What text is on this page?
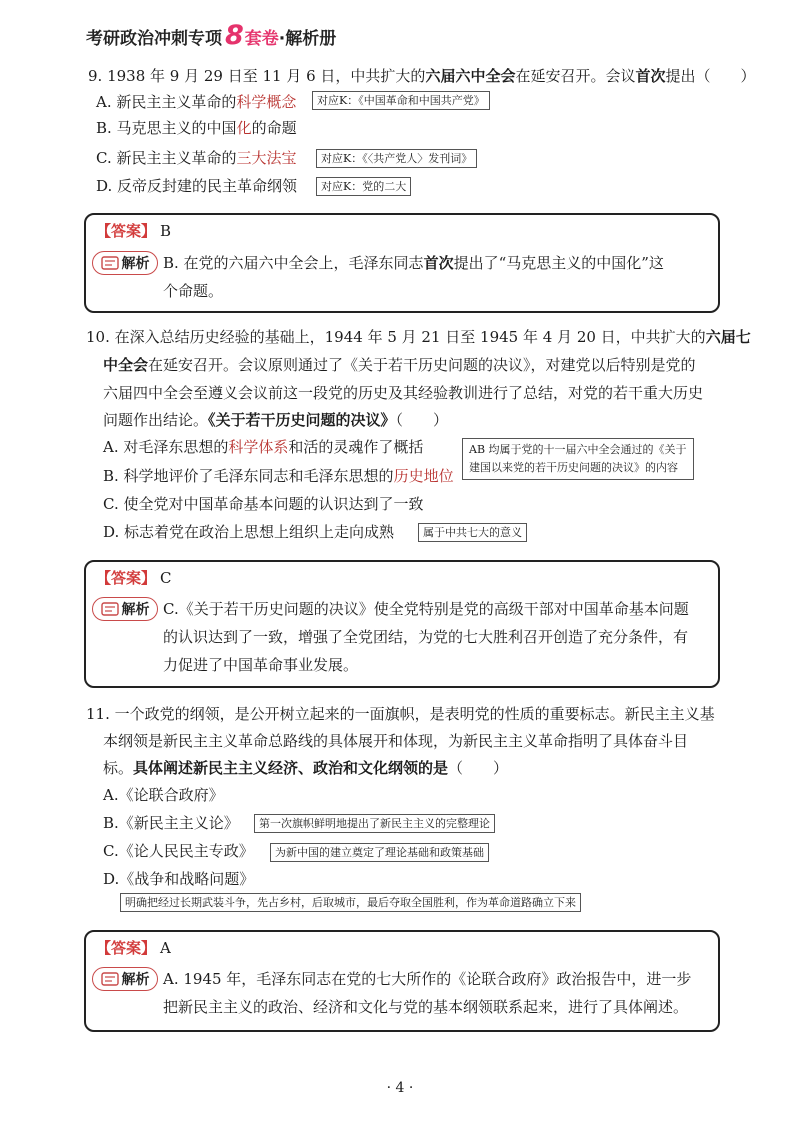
考研政治冲刺专项 8 套卷 ·解析册
9. 1938 年 9 月 29 日至 11 月 6 日，中共扩大的六届六中全会在延安召开。会议首次提出（　　）
A. 新民主主义革命的科学概念	对应K：《中国革命和中国共产党》
B. 马克思主义的中国化的命题
C. 新民主主义革命的三大法宝	对应K：《〈共产党人〉发刊词》
D. 反帝反封建的民主革命纲领	对应K：党的二大
【答案】 B
解析 B. 在党的六届六中全会上，毛泽东同志首次提出了“马克思主义的中国化”这
个命题。
10. 在深入总结历史经验的基础上，1944 年 5 月 21 日至 1945 年 4 月 20 日，中共扩大的六届七
中全会在延安召开。会议原则通过了《关于若干历史问题的决议》，对建党以后特别是党的
六届四中全会至遵义会议前这一段党的历史及其经验教训进行了总结，对党的若干重大历史
问题作出结论。《关于若干历史问题的决议》（　　）
A. 对毛泽东思想的科学体系和活的灵魂作了概括	AB 均属于党的十一届六中全会通过的《关于
建国以来党的若干历史问题的决议》的内容
B. 科学地评价了毛泽东同志和毛泽东思想的历史地位
C. 使全党对中国革命基本问题的认识达到了一致
D. 标志着党在政治上思想上组织上走向成熟	属于中共七大的意义
【答案】 C
解析 C.《关于若干历史问题的决议》使全党特别是党的高级干部对中国革命基本问题
的认识达到了一致，增强了全党团结，为党的七大胜利召开创造了充分条件，有
力促进了中国革命事业发展。
11. 一个政党的纲领，是公开树立起来的一面旗帜，是表明党的性质的重要标志。新民主主义基
本纲领是新民主主义革命总路线的具体展开和体现，为新民主主义革命指明了具体奋斗目
标。具体阐述新民主主义经济、政治和文化纲领的是（　　）
A.《论联合政府》
B.《新民主主义论》	第一次旗帜鲜明地提出了新民主主义的完整理论
C.《论人民民主专政》	为新中国的建立奠定了理论基础和政策基础
D.《战争和战略问题》
明确把经过长期武装斗争，先占乡村，后取城市，最后夺取全国胜利，作为革命道路确立下来
【答案】 A
解析 A. 1945 年，毛泽东同志在党的七大所作的《论联合政府》政治报告中，进一步
把新民主主义的政治、经济和文化与党的基本纲领联系起来，进行了具体阐述。
· 4 ·
